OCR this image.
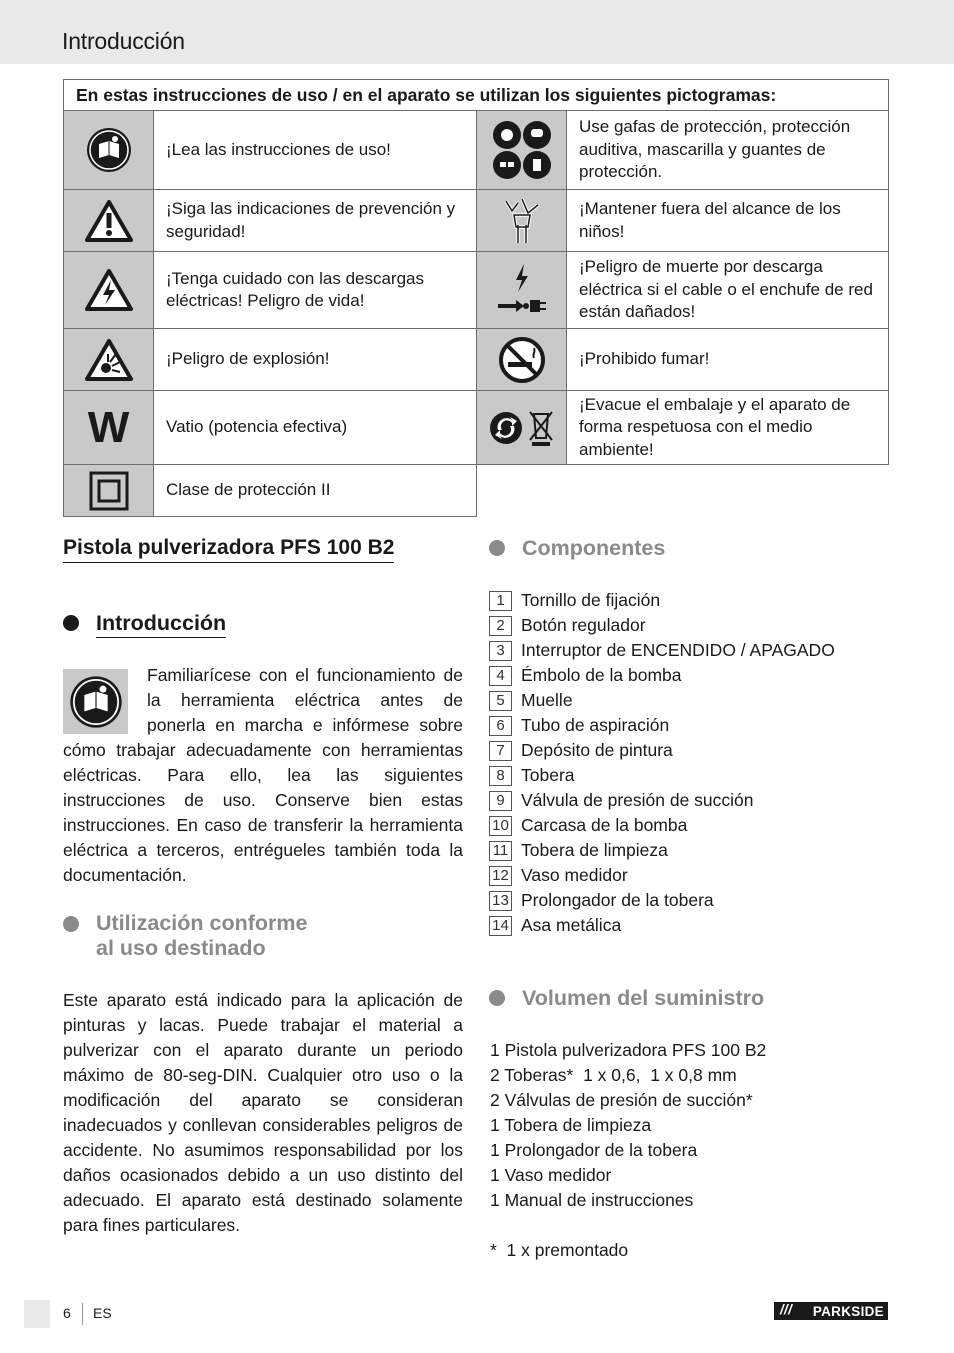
Introducción
En estas instrucciones de uso / en el aparato se utilizan los siguientes pictogramas:			
	¡Lea las instrucciones de uso!		Use gafas de protección, protección auditiva, mascarilla y guantes de protección.
	¡Siga las indicaciones de prevención y seguridad!		¡Mantener fuera del alcance de los niños!
	¡Tenga cuidado con las descargas eléctricas! Peligro de vida!		¡Peligro de muerte por descarga eléctrica si el cable o el enchufe de red están dañados!
	¡Peligro de explosión!		¡Prohibido fumar!
W	Vatio (potencia efectiva)		¡Evacue el embalaje y el aparato de forma respetuosa con el medio ambiente!
	Clase de protección II		
Pistola pulverizadora PFS 100 B2
Introducción
Familiarícese con el funcionamiento de la herramienta eléctrica antes de ponerla en marcha e infórmese sobre cómo trabajar adecuadamente con herramientas eléctricas. Para ello, lea las siguientes instrucciones de uso. Conserve bien estas instrucciones. En caso de transferir la herramienta eléctrica a terceros, entrégueles también toda la documentación.
Utilización conforme
al uso destinado
Este aparato está indicado para la aplicación de pinturas y lacas. Puede trabajar el material a pulverizar con el aparato durante un periodo máximo de 80-seg-DIN. Cualquier otro uso o la modificación del aparato se consideran inadecuados y conllevan considerables peligros de accidente. No asumimos responsabilidad por los daños ocasionados debido a un uso distinto del adecuado. El aparato está destinado solamente para fines particulares.
Componentes
1 Tornillo de fijación
2 Botón regulador
3 Interruptor de ENCENDIDO / APAGADO
4 Émbolo de la bomba
5 Muelle
6 Tubo de aspiración
7 Depósito de pintura
8 Tobera
9 Válvula de presión de succión
10 Carcasa de la bomba
11 Tobera de limpieza
12 Vaso medidor
13 Prolongador de la tobera
14 Asa metálica
Volumen del suministro
1 Pistola pulverizadora PFS 100 B2
2 Toberas*  1 x 0,6,  1 x 0,8 mm
2 Válvulas de presión de succión*
1 Tobera de limpieza
1 Prolongador de la tobera
1 Vaso medidor
1 Manual de instrucciones
*  1 x premontado
6 ES	/// PARKSIDE
